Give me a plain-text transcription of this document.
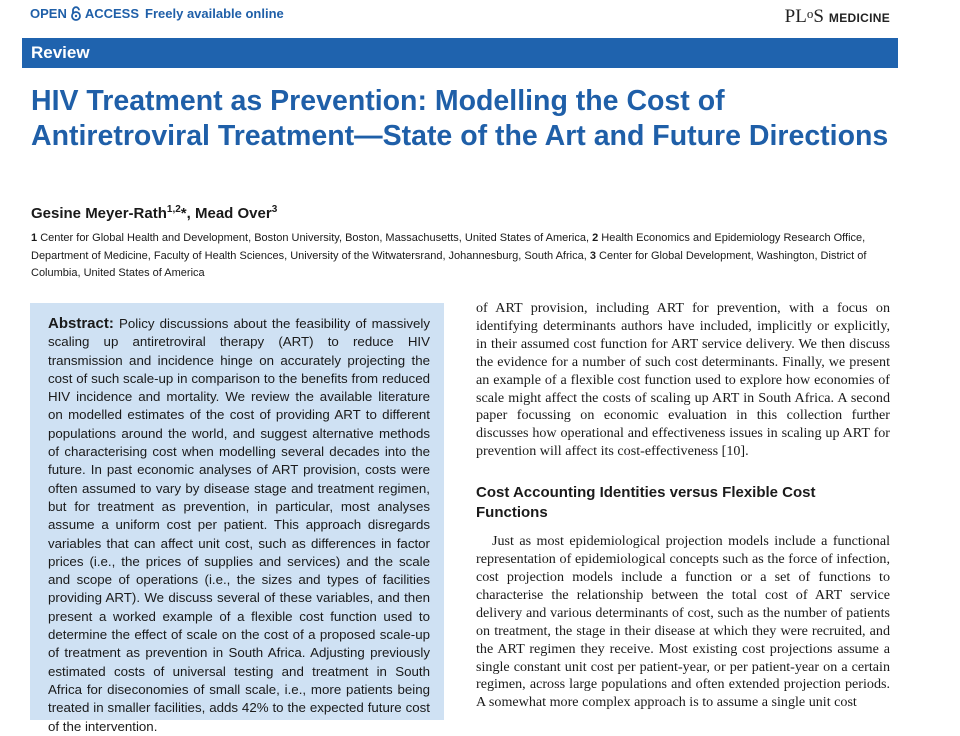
OPEN ACCESS Freely available online	PL o S MEDICINE
Review
HIV Treatment as Prevention: Modelling the Cost of Antiretroviral Treatment—State of the Art and Future Directions
Gesine Meyer-Rath$^{1,2}$*, Mead Over$^3$
1 Center for Global Health and Development, Boston University, Boston, Massachusetts, United States of America, 2 Health Economics and Epidemiology Research Office, Department of Medicine, Faculty of Health Sciences, University of the Witwatersrand, Johannesburg, South Africa, 3 Center for Global Development, Washington, District of Columbia, United States of America

Abstract: Policy discussions about the feasibility of massively scaling up antiretroviral therapy (ART) to reduce HIV transmission and incidence hinge on accurately projecting the cost of such scale-up in comparison to the benefits from reduced HIV incidence and mortality. We review the available literature on modelled estimates of the cost of providing ART to different populations around the world, and suggest alternative methods of characterising cost when modelling several decades into the future. In past economic analyses of ART provision, costs were often assumed to vary by disease stage and treatment regimen, but for treatment as prevention, in particular, most analyses assume a uniform cost per patient. This approach disregards variables that can affect unit cost, such as differences in factor prices (i.e., the prices of supplies and services) and the scale and scope of operations (i.e., the sizes and types of facilities providing ART). We discuss several of these variables, and then present a worked example of a flexible cost function used to determine the effect of scale on the cost of a proposed scale-up of treatment as prevention in South Africa. Adjusting previously estimated costs of universal testing and treatment in South Africa for diseconomies of small scale, i.e., more patients being treated in smaller facilities, adds 42% to the expected future cost of the intervention.

of ART provision, including ART for prevention, with a focus on identifying determinants authors have included, implicitly or explicitly, in their assumed cost function for ART service delivery. We then discuss the evidence for a number of such cost determinants. Finally, we present an example of a flexible cost function used to explore how economies of scale might affect the costs of scaling up ART in South Africa. A second paper focussing on economic evaluation in this collection further discusses how operational and effectiveness issues in scaling up ART for prevention will affect its cost-effectiveness [10].

Cost Accounting Identities versus Flexible Cost Functions

Just as most epidemiological projection models include a functional representation of epidemiological concepts such as the force of infection, cost projection models include a function or a set of functions to characterise the relationship between the total cost of ART service delivery and various determinants of cost, such as the number of patients on treatment, the stage in their disease at which they were recruited, and the ART regimen they receive. Most existing cost projections assume a single constant unit cost per patient-year, or per patient-year on a certain regimen, across large populations and often extended projection periods. A somewhat more complex approach is to assume a single unit cost
